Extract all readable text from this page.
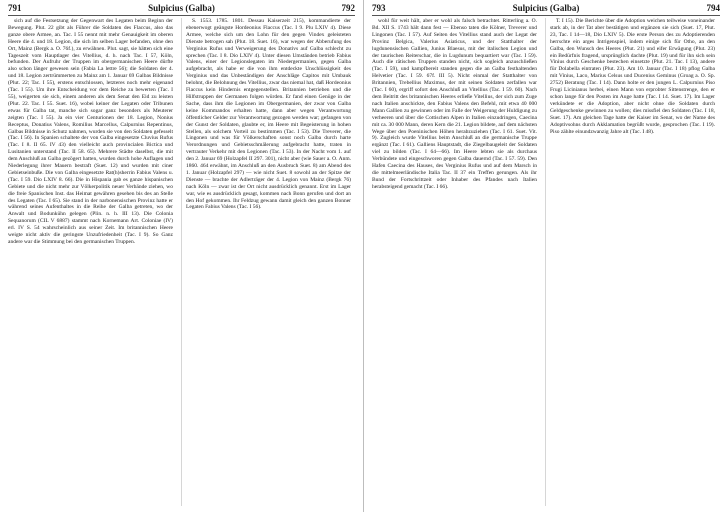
791	Sulpicius (Galba)	792

sich auf die Festsetzung der Gegenwart des Legaten beim Beginn der Bewegung. Plut. 22 gibt als Führer die Soldaten des Flaccus, also das ganze obere Armee, an. Tac. I 55 nennt mit mehr Genauigkeit im oberen Heere die 4. und 18. Legion, die sich im selben Lager befanden, ohne den Ort, Mainz (Bergk a. O. 76f.), zu erwähnen. Plut. sagt, sie hätten sich eine Tageszeit vom Hauptlager des Vitellius, d. h. nach Tac. I 57, Köln, befunden. Der Aufruhr der Truppen im obergermanischen Heere dürfte also schon länger gewesen sein (Fabia La lettre 56); die Soldaten der 4. und 18. Legion zertrümmerten zu Mainz am 1. Januar 69 Galbas Bildnisse (Plut. 22; Tac. I 55), erstens entschlossen, letzteres noch mehr eigenand (Tac. I 55). Um ihre Entscheidung vor dem Reiche zu bewerten (Tac. I 55), weigerten sie sich, einem anderen als dem Senat den Eid zu leisten (Plut. 22. Tac. I 55. Suet. 16), wobei keiner der Legaten oder Tribunen etwas für Galba tat, manche sich sogar ganz besonders als Meuterer zeigten (Tac. I 55). Ja ein vier Centurionen der 18. Legion, Nonius Receptus, Donatius Valens, Romilius Marcellus, Calpurnius Repentinus, Galbas Bildnisse in Schutz nahmen, wurden sie von den Soldaten gefesselt (Tac. I 56). In Spanien schaltete der von Galba eingesetzte Cluvius Rufus (Tac. I 8. II 65. IV 43) den vielleicht auch provincialen Bictica und Lusitanien unterstand (Tac. II 58. 65). Mehrere Städte daselbst, die mit dem Anschluß an Galba gezögert hatten, wurden durch hohe Auflagen und Niederlegung ihrer Mauern bestraft (Suet. 12) und wurden mit ciner Gebietseinbuße. Die von Galba eingesetzte Rat(h)sherrin Fabius Valens u. (Tac. I 59. Dio LXIV 8. 66). Die in Hispania gab es ganze hispanischen Gebiete und die nicht mehr zur Völkerpolitik neuer Verbände ziehen, wo die freie Spanischen Inst. das Heimat gewähren gesehen bis des an Stelle des Legaten (Tac. I 65). Sie stand in der narbonensischen Provinz hatte er während seines Aufenthaltes in die Reihe der Galba getreten, wo der Anwalt und Bodunkühn gelegen (Plin. n. h. III 13). Die Colonia Sequanorum (CIL V 6887) stammt nach Kornemann Art. Coloniae (IV) erl. IV S. 54 wahrscheinlich aus seiner Zeit. Im britannischen Heere weigte nicht aktiv die geringste Unzufriedenheit (Tac. I 9). So Ganz andere war die Stimmung bei den germanischen Truppen.

S. 1553. 1785. 1801. Dessau Kaiserzeit 215), kommandierte der ebenerwogt geängste Hordeonius Flaccus (Tac. I 9. Plu LXIV 4). Diese Armee, welche sich um den Lohn für den gegen Vindex geleisteten Dienste betrogen sah (Plut. 18. Suet. 16), war wegen der Abberufung des Verginius Rufus und Verweigerung des Donativs auf Galba schlecht zu sprechen (Tac. I 8. Dio LXIV 4). Unter diesen Umständen betrieb Fabius Valens, einer der Legionslegaten im Niedergermanien, gegen Galba aufgebracht, als habe er die von ihm entdeckte Unschlüssigkeit des Verginius und das Unbeständigen der Anschläge Capitos mit Umbauk belohnt, die Belohnung des Vitellius, zwar das niemal hat, daß Hordeonius Flaccus kein Hindernis entgegenstellen. Britannien betrieben und die Hilfstruppen der Germanen folgen würden. Er fand einen Genüge in der Sache, dass ihm die Legionen im Obergermanien, der zwar von Galba keine Kommandos erhalten hatte, dann aber wegen Verantwortung öffentlicher Gelder zur Verantwortung gezogen werden war; gefangen von der Gunst der Soldaten, glaubte er, im Heere mit Begeisterung in hohen Stellen, als solchem Vorteil zu bestimmen (Tac. I 53). Die Treverer, die Lingonen und was für Völkerschaften sonst noch Galba durch harte Verordnungen und Gebietsschmälerung aufgebracht hatte, traten in vertrauter Verkehr mit den Legionen (Tac. I 53). In der Nacht vom 1. auf den 2. Januar 69 (Holzapfel II 297. 301), nicht aber (wie Sauer a. O. Anm. 1860. 464 erwähnt, im Anschluß an den Ausbruch Suet. 8) am Abend des 1. Januar (Holzapfel 297) — wie nicht Suet. 8 sowohl an der Spitze der Dienste — brachte der Adlerträger der 4. Legion von Mainz (Bergk 76) nach Köln — zwar ist der Ort nicht ausdrücklich genannt. Erst im Lager war, wie es ausdrücklich gesagt, kommen nach Bonn gerufen und dort an den Hof gekommen. Ihr Feldzug gewann damit gleich den ganzen Bonner Legaten Fabius Valens (Tac. I 56).

793	Sulpicius (Galba)	794

wohl für weit hält, aber er wohl als falsch betrachtet. Ritterling a. O. Bd. XII S. 1743 hält dann fest — Ebenso taten die Kölner, Treverer und Lingonen (Tac. I 57). Auf Seiten des Vitellius stand auch der Legat der Provinz Belgica, Valerius Asiaticus, und der Statthalter der lugdunensischen Gallien, Junius Blaesus, mit der italischen Legion und der taurischen Reiterschar, die in Lugdunum bequartiert war (Tac. I 59). Auch die rätischen Truppen standen nicht, sich sogleich anzuschließen (Tac. I 59), und kampfbereit standen gegen die an Galba festhaltenden Helvetier (Tac. I 59. 67f. III 5). Nicht einmal der Statthalter von Britannien, Trebellius Maximus, der mit seinen Soldaten zerfallen war (Tac. I 60), ergriff sofort den Anschluß an Vitellius (Tac. I 59. 60). Nach dem Beitritt des britannischen Heeres erließe Vitellius, der sich zum Zuge nach Italien anschickte, den Fabius Valens den Befehl, mit etwa 40 000 Mann Gallien zu gewinnen oder im Falle der Weigerung der Huldigung zu verheeren und über die Cottischen Alpen in Italien einzudringen, Caecina mit ca. 30 000 Mann, deren Kern die 21. Legion bildete, auf dem nächsten Wege über den Poeninischen Höhen herabzuziehen (Tac. I 61. Suet. Vit. 9). Zugleich wurde Vitellius beim Anschluß an die germanische Truppe ergänzt (Tac. I 61). Galliens Hauptstadt, die Ziegelbaugeleit der Soldaten viel zu bilden (Tac. I 64—66). Im Heere lebten sie als durchaus Verbündete und eingeschworen gegen Galba dauernd (Tac. I 57. 59). Den Hafen Caecina des Hauses, des Verginius Rufus und auf dem Marsch in die mittelmeerländische Italia Tac. II 37 ein Treffen gerungen. Als ihr Bund der Fortschrittzeit oder Inhaber des Pfandes nach Italien herabsteigend gemacht (Tac. I 66).

T. I 15). Die Berichte über die Adoption weichen teilweise voneinander stark ab, in der Tat aber bestätigen und ergänzen sie sich (Suet. 17, Plut. 23, Tac. I 14—18, Dio LXIV 5). Die erste Person des zu Adoptierenden herrschte ein arges Intrigenspiel, indem einige sich für Otho, an den Galba, den Wunsch des Heeres (Plut. 21) und eifer Erwägung (Plut. 23) ein Bedürfnis fragend, ursprünglich dachte (Plut. 19) und für ihn sich sein Vinius durch Geschenke bestechen einsetzte (Plut. 21. Tac. I 13), andere für Dolabella eintraten (Plut. 23). Am 10. Januar (Tac. I 18) pflog Galba mit Vinius, Laco, Marius Celsus und Ducenius Geminus (Groag a. O. Sp. 2752) Beratung (Tac. I 14). Dann holte er den jungen L. Calpurnius Piso Frugi Licinianus herbei, einen Mann von erprobter Sittenstrenge, den er schon lange für den Posten im Auge hatte (Tac. I 14. Suet. 17). Im Lager verkündete er die Adoption, aber nicht ohne die Soldaten durch Geldgeschenke gewinnen zu wollen; dies missfiel den Soldaten (Tac. I 18, Suet. 17). Am gleichen Tage hatte der Kaiser im Senat, wo der Name des Adoptivsohns durch Akklamation begrüßt wurde, gesprochen (Tac. I 19). Piso zählte einundzwanzig Jahre alt (Tac. I 48).
